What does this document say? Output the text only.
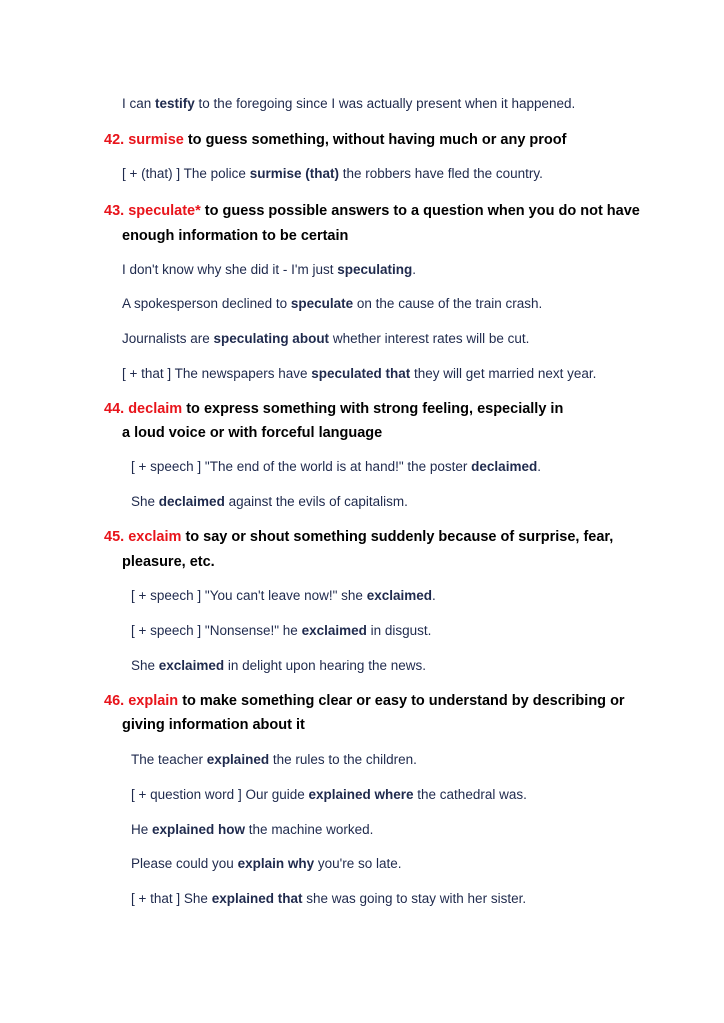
I can testify to the foregoing since I was actually present when it happened.
42. surmise to guess something, without having much or any proof
[ + (that) ] The police surmise (that) the robbers have fled the country.
43. speculate* to guess possible answers to a question when you do not have
enough information to be certain
I don't know why she did it - I'm just speculating.
A spokesperson declined to speculate on the cause of the train crash.
Journalists are speculating about whether interest rates will be cut.
[ + that ] The newspapers have speculated that they will get married next year.
44. declaim to express something with strong feeling, especially in
a loud voice or with forceful language
[ + speech ] "The end of the world is at hand!" the poster declaimed.
She declaimed against the evils of capitalism.
45. exclaim to say or shout something suddenly because of surprise, fear,
pleasure, etc.
[ + speech ] "You can't leave now!" she exclaimed.
[ + speech ] "Nonsense!" he exclaimed in disgust.
She exclaimed in delight upon hearing the news.
46. explain to make something clear or easy to understand by describing or
giving information about it
The teacher explained the rules to the children.
[ + question word ] Our guide explained where the cathedral was.
He explained how the machine worked.
Please could you explain why you're so late.
[ + that ] She explained that she was going to stay with her sister.
